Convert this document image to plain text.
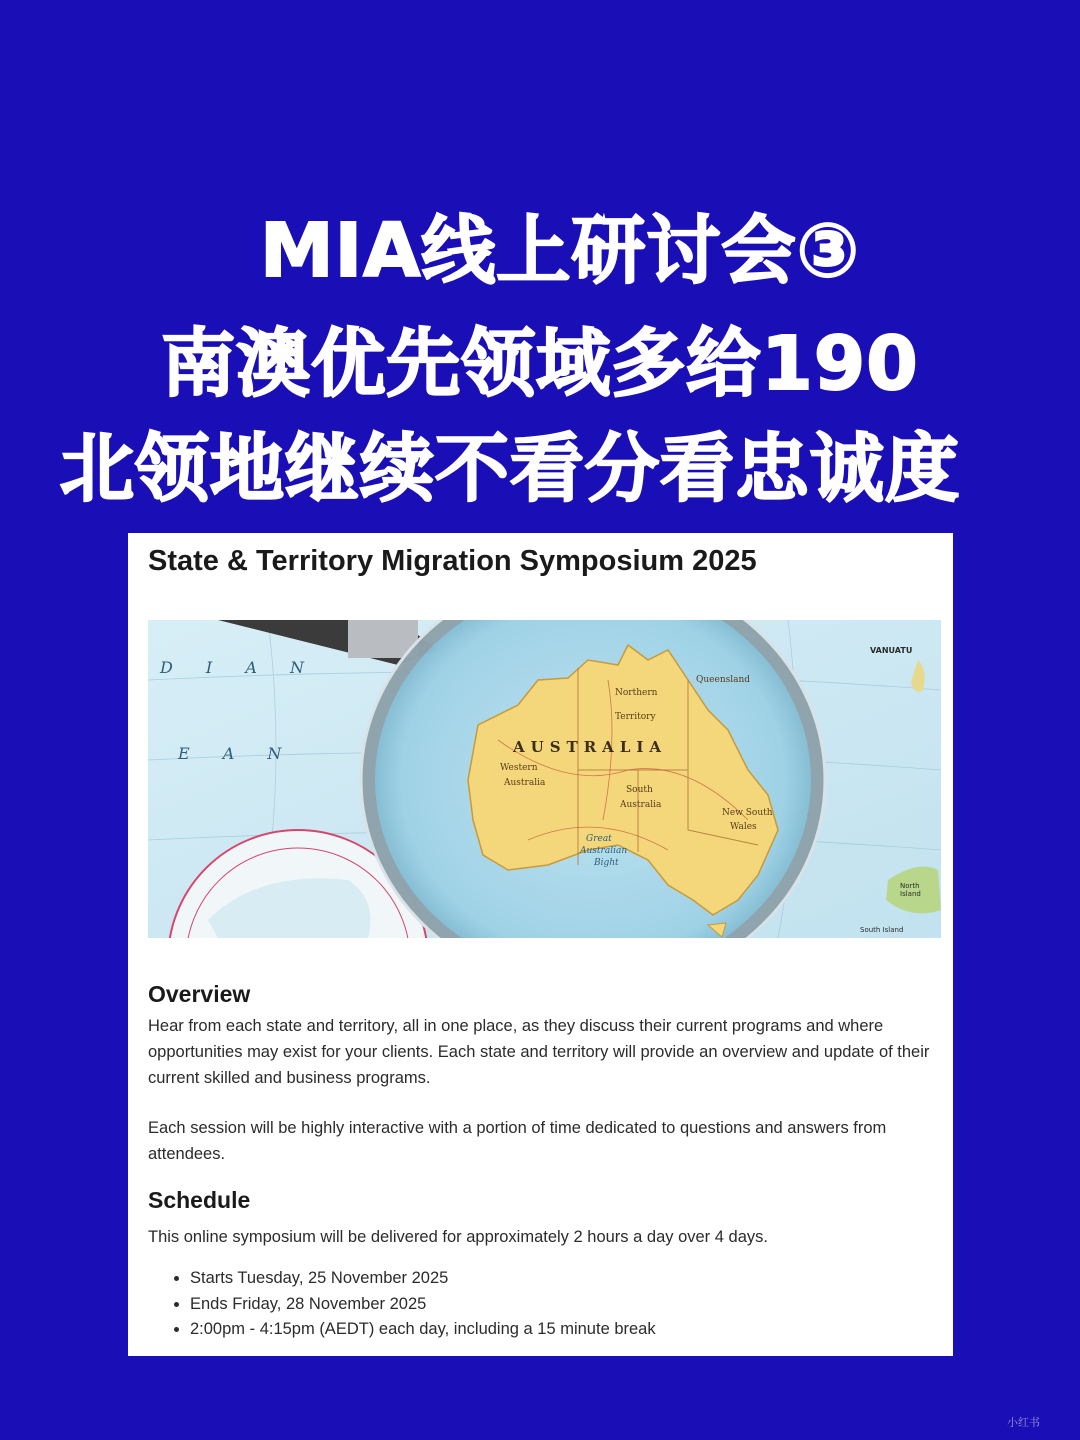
MIA线上研讨会③
南澳优先领域多给190
北领地继续不看分看忠诚度
State & Territory Migration Symposium 2025
AUSTRALIA
D I A N
E A N
Northern
Territory
Queensland
Western
Australia
South
Australia
Great
Australian
Bight
New South
Wales
VANUATU
North Island
South Island
Overview

Hear from each state and territory, all in one place, as they discuss their current programs and where opportunities may exist for your clients. Each state and territory will provide an overview and update of their current skilled and business programs.

Each session will be highly interactive with a portion of time dedicated to questions and answers from attendees.

Schedule

This online symposium will be delivered for approximately 2 hours a day over 4 days.

• Starts Tuesday, 25 November 2025
• Ends Friday, 28 November 2025
• 2:00pm - 4:15pm (AEDT) each day, including a 15 minute break
小红书
